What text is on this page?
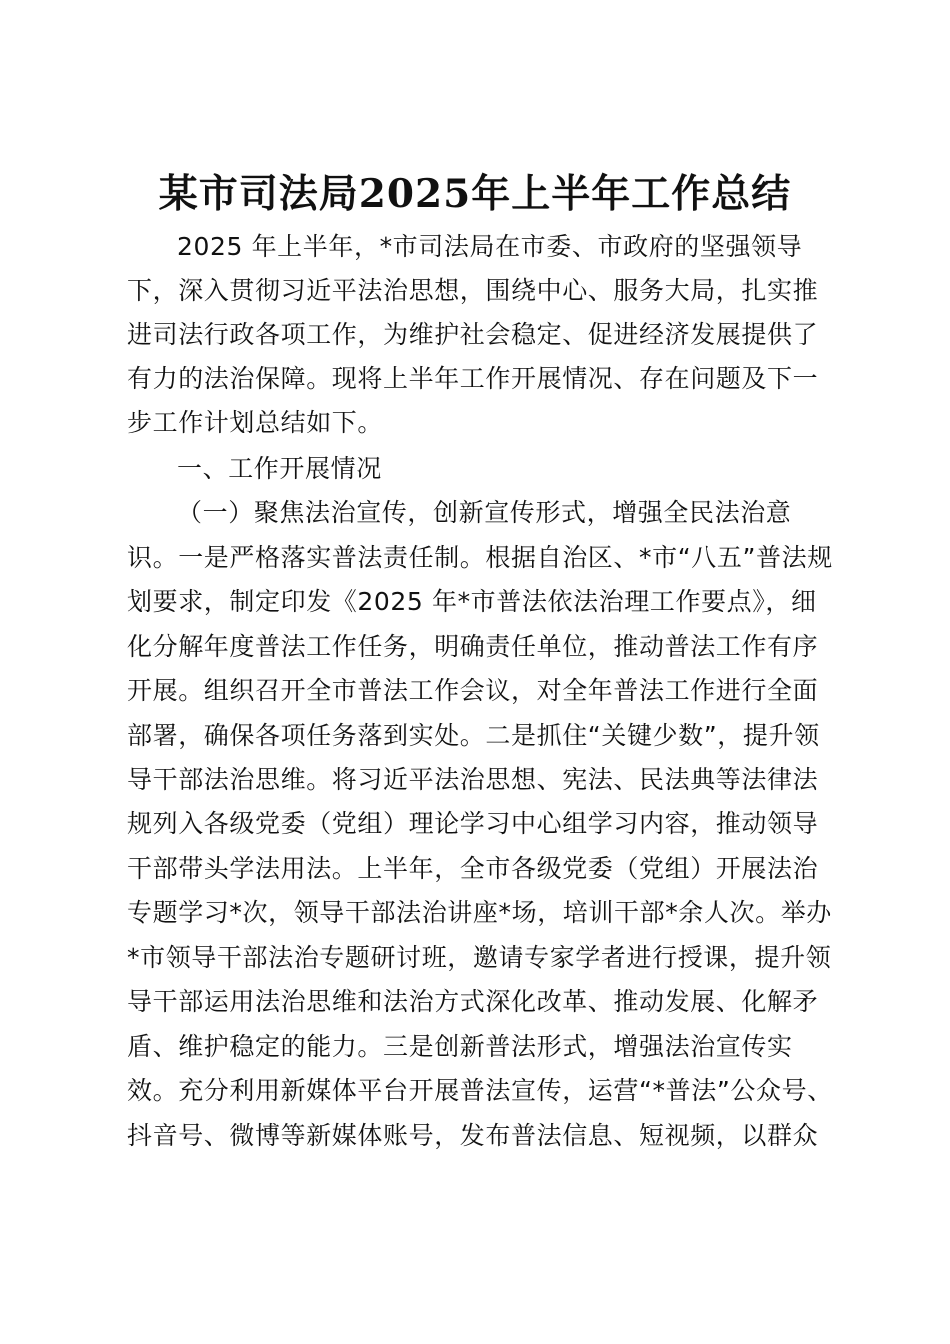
某市司法局2025年上半年工作总结

2025 年上半年，*市司法局在市委、市政府的坚强领导

下，深入贯彻习近平法治思想，围绕中心、服务大局，扎实推

进司法行政各项工作，为维护社会稳定、促进经济发展提供了

有力的法治保障。现将上半年工作开展情况、存在问题及下一

步工作计划总结如下。

一、工作开展情况

（一）聚焦法治宣传，创新宣传形式，增强全民法治意

识。一是严格落实普法责任制。根据自治区、*市“八五”普法规

划要求，制定印发《2025 年*市普法依法治理工作要点》，细

化分解年度普法工作任务，明确责任单位，推动普法工作有序

开展。组织召开全市普法工作会议，对全年普法工作进行全面

部署，确保各项任务落到实处。二是抓住“关键少数”，提升领

导干部法治思维。将习近平法治思想、宪法、民法典等法律法

规列入各级党委（党组）理论学习中心组学习内容，推动领导

干部带头学法用法。上半年，全市各级党委（党组）开展法治

专题学习*次，领导干部法治讲座*场，培训干部*余人次。举办

*市领导干部法治专题研讨班，邀请专家学者进行授课，提升领

导干部运用法治思维和法治方式深化改革、推动发展、化解矛

盾、维护稳定的能力。三是创新普法形式，增强法治宣传实

效。充分利用新媒体平台开展普法宣传，运营“*普法”公众号、

抖音号、微博等新媒体账号，发布普法信息、短视频，以群众
